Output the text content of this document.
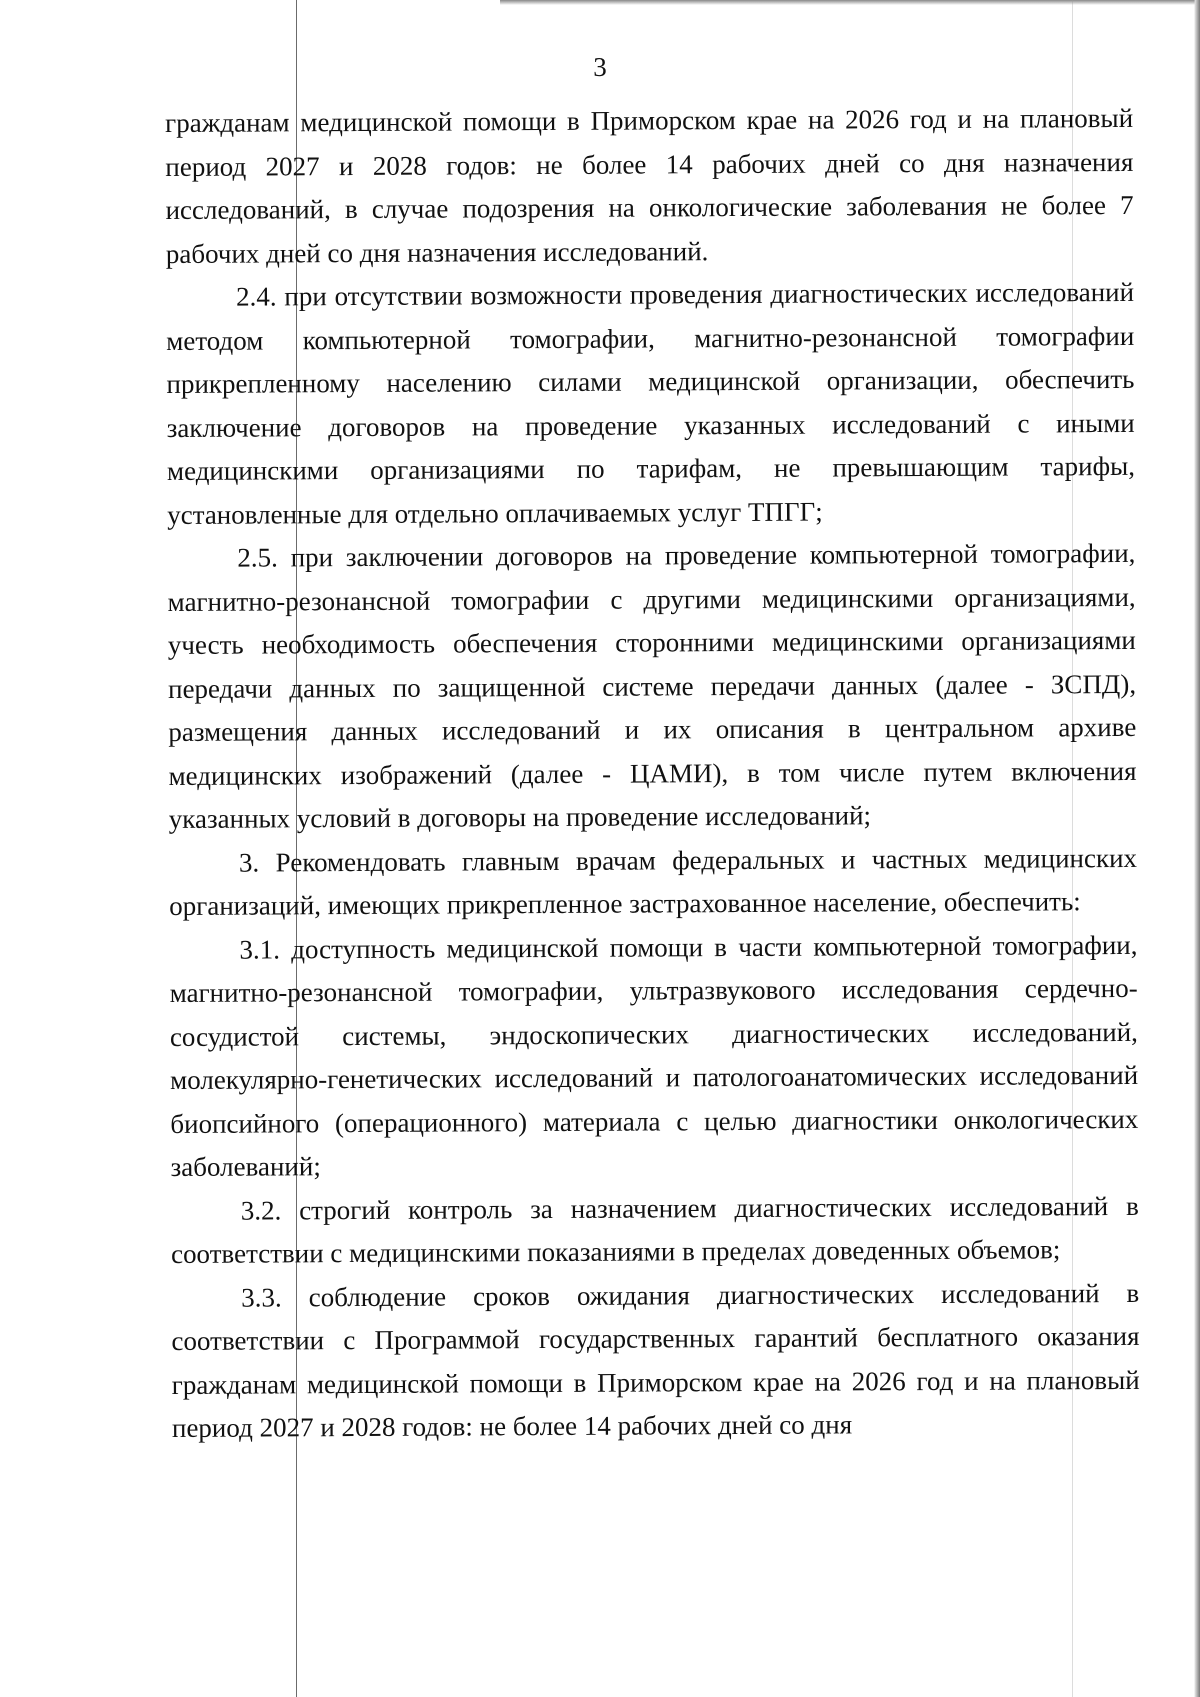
3

гражданам медицинской помощи в Приморском крае на 2026 год и на плановый период 2027 и 2028 годов: не более 14 рабочих дней со дня назначения исследований, в случае подозрения на онкологические заболевания не более 7 рабочих дней со дня назначения исследований.

2.4. при отсутствии возможности проведения диагностических исследований методом компьютерной томографии, магнитно-резонансной томографии прикрепленному населению силами медицинской организации, обеспечить заключение договоров на проведение указанных исследований с иными медицинскими организациями по тарифам, не превышающим тарифы, установленные для отдельно оплачиваемых услуг ТПГГ;

2.5. при заключении договоров на проведение компьютерной томографии, магнитно-резонансной томографии с другими медицинскими организациями, учесть необходимость обеспечения сторонними медицинскими организациями передачи данных по защищенной системе передачи данных (далее - ЗСПД), размещения данных исследований и их описания в центральном архиве медицинских изображений (далее - ЦАМИ), в том числе путем включения указанных условий в договоры на проведение исследований;

3. Рекомендовать главным врачам федеральных и частных медицинских организаций, имеющих прикрепленное застрахованное население, обеспечить:

3.1. доступность медицинской помощи в части компьютерной томографии, магнитно-резонансной томографии, ультразвукового исследования сердечно-сосудистой системы, эндоскопических диагностических исследований, молекулярно-генетических исследований и патологоанатомических исследований биопсийного (операционного) материала с целью диагностики онкологических заболеваний;

3.2. строгий контроль за назначением диагностических исследований в соответствии с медицинскими показаниями в пределах доведенных объемов;

3.3. соблюдение сроков ожидания диагностических исследований в соответствии с Программой государственных гарантий бесплатного оказания гражданам медицинской помощи в Приморском крае на 2026 год и на плановый период 2027 и 2028 годов: не более 14 рабочих дней со дня
